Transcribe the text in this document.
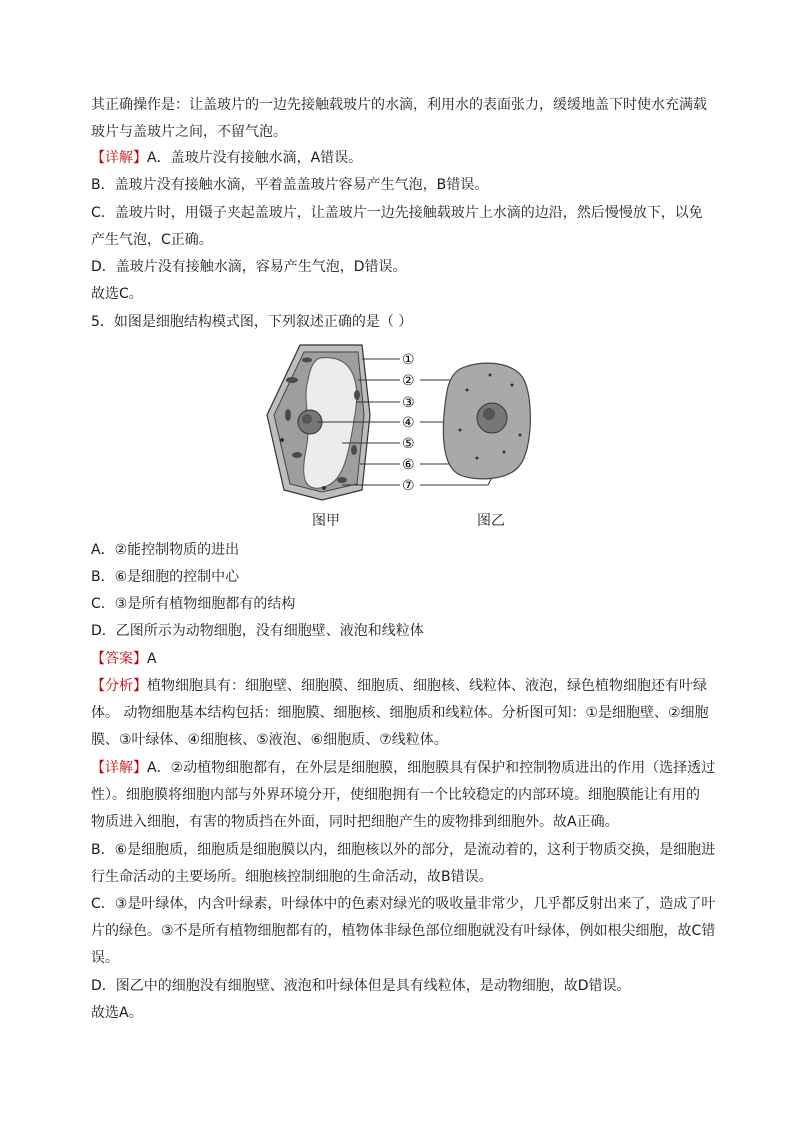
其正确操作是：让盖玻片的一边先接触载玻片的水滴，利用水的表面张力，缓缓地盖下时使水充满载
玻片与盖玻片之间，不留气泡。
【详解】A．盖玻片没有接触水滴，A错误。
B．盖玻片没有接触水滴，平着盖盖玻片容易产生气泡，B错误。
C．盖玻片时，用镊子夹起盖玻片，让盖玻片一边先接触载玻片上水滴的边沿，然后慢慢放下，以免
产生气泡，C正确。
D．盖玻片没有接触水滴，容易产生气泡，D错误。
故选C。
5．如图是细胞结构模式图，下列叙述正确的是（ ）
①
②
③
④
⑤
⑥
⑦
图甲	图乙
A．②能控制物质的进出
B．⑥是细胞的控制中心
C．③是所有植物细胞都有的结构
D．乙图所示为动物细胞，没有细胞壁、液泡和线粒体
【答案】A
【分析】植物细胞具有：细胞壁、细胞膜、细胞质、细胞核、线粒体、液泡，绿色植物细胞还有叶绿
体。 动物细胞基本结构包括：细胞膜、细胞核、细胞质和线粒体。分析图可知：①是细胞壁、②细胞
膜、③叶绿体、④细胞核、⑤液泡、⑥细胞质、⑦线粒体。
【详解】A．②动植物细胞都有，在外层是细胞膜，细胞膜具有保护和控制物质进出的作用（选择透过
性）。细胞膜将细胞内部与外界环境分开，使细胞拥有一个比较稳定的内部环境。细胞膜能让有用的
物质进入细胞，有害的物质挡在外面，同时把细胞产生的废物排到细胞外。故A正确。
B．⑥是细胞质，细胞质是细胞膜以内，细胞核以外的部分，是流动着的，这利于物质交换，是细胞进
行生命活动的主要场所。细胞核控制细胞的生命活动，故B错误。
C．③是叶绿体，内含叶绿素，叶绿体中的色素对绿光的吸收量非常少，几乎都反射出来了，造成了叶
片的绿色。③不是所有植物细胞都有的，植物体非绿色部位细胞就没有叶绿体，例如根尖细胞，故C错
误。
D．图乙中的细胞没有细胞壁、液泡和叶绿体但是具有线粒体，是动物细胞，故D错误。
故选A。
